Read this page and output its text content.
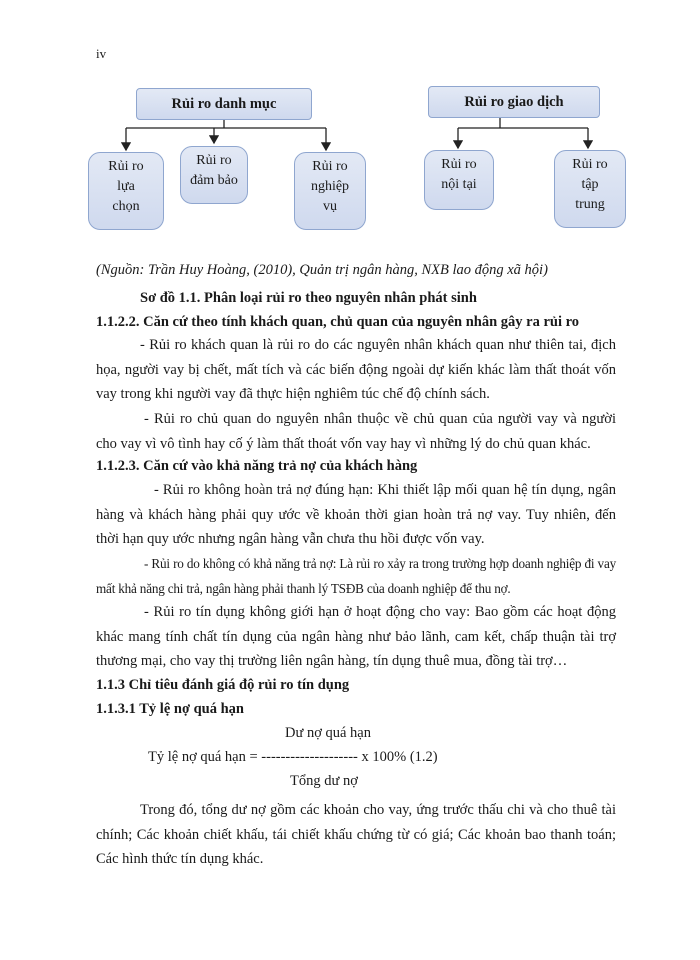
iv
Rủi ro danh mục
Rủi ro
lựa
chọn
Rủi ro
đảm bảo
Rủi ro
nghiệp
vụ
Rủi ro giao dịch
Rủi ro
nội tại
Rủi ro
tập
trung
(Nguồn: Trần Huy Hoàng, (2010), Quản trị ngân hàng, NXB lao động xã hội)
Sơ đồ 1.1. Phân loại rủi ro theo nguyên nhân phát sinh
1.1.2.2. Căn cứ theo tính khách quan, chủ quan của nguyên nhân gây ra rủi ro

- Rủi ro khách quan là rủi ro do các nguyên nhân khách quan như thiên tai, địch họa, người vay bị chết, mất tích và các biến động ngoài dự kiến khác làm thất thoát vốn vay trong khi người vay đã thực hiện nghiêm túc chế độ chính sách.

- Rủi ro chủ quan do nguyên nhân thuộc về chủ quan của người vay và người cho vay vì vô tình hay cố ý làm thất thoát vốn vay hay vì những lý do chủ quan khác.

1.1.2.3. Căn cứ vào khả năng trả nợ của khách hàng

- Rủi ro không hoàn trả nợ đúng hạn: Khi thiết lập mối quan hệ tín dụng, ngân hàng và khách hàng phải quy ước về khoản thời gian hoàn trả nợ vay. Tuy nhiên, đến thời hạn quy ước nhưng ngân hàng vẫn chưa thu hồi được vốn vay.

- Rủi ro do không có khả năng trả nợ: Là rủi ro xảy ra trong trường hợp doanh nghiệp đi vay mất khả năng chi trả, ngân hàng phải thanh lý TSĐB của doanh nghiệp để thu nợ.

- Rủi ro tín dụng không giới hạn ở hoạt động cho vay: Bao gồm các hoạt động khác mang tính chất tín dụng của ngân hàng như bảo lãnh, cam kết, chấp thuận tài trợ thương mại, cho vay thị trường liên ngân hàng, tín dụng thuê mua, đồng tài trợ…

1.1.3 Chỉ tiêu đánh giá độ rủi ro tín dụng
1.1.3.1 Tỷ lệ nợ quá hạn
Dư nợ quá hạn
Tỷ lệ nợ quá hạn = -------------------- x 100% (1.2)
Tổng dư nợ

Trong đó, tổng dư nợ gồm các khoản cho vay, ứng trước thấu chi và cho thuê tài chính; Các khoản chiết khấu, tái chiết khấu chứng từ có giá; Các khoản bao thanh toán; Các hình thức tín dụng khác.
